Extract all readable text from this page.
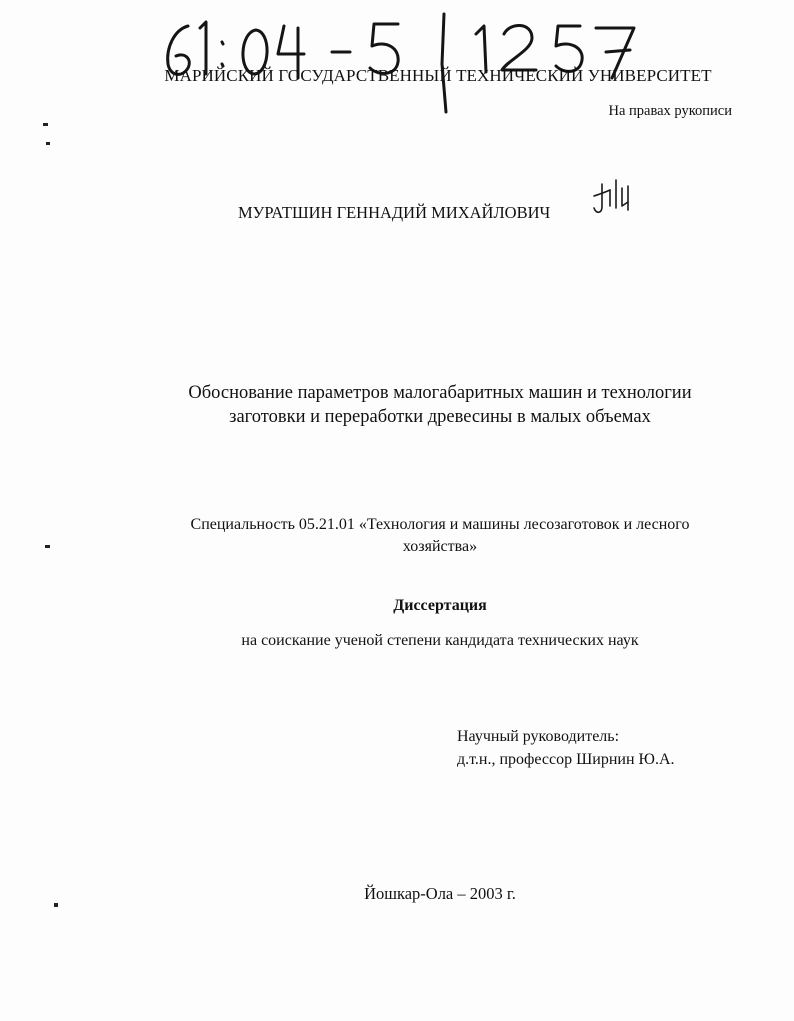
МАРИЙСКИЙ ГОСУДАРСТВЕННЫЙ ТЕХНИЧЕСКИЙ УНИВЕРСИТЕТ
На правах рукописи
МУРАТШИН ГЕННАДИЙ МИХАЙЛОВИЧ
Обоснование параметров малогабаритных машин и технологии
заготовки и переработки древесины в малых объемах
Специальность 05.21.01 «Технология и машины лесозаготовок и лесного
хозяйства»
Диссертация
на соискание ученой степени кандидата технических наук
Научный руководитель:
д.т.н., профессор Ширнин Ю.А.
Йошкар-Ола – 2003 г.
